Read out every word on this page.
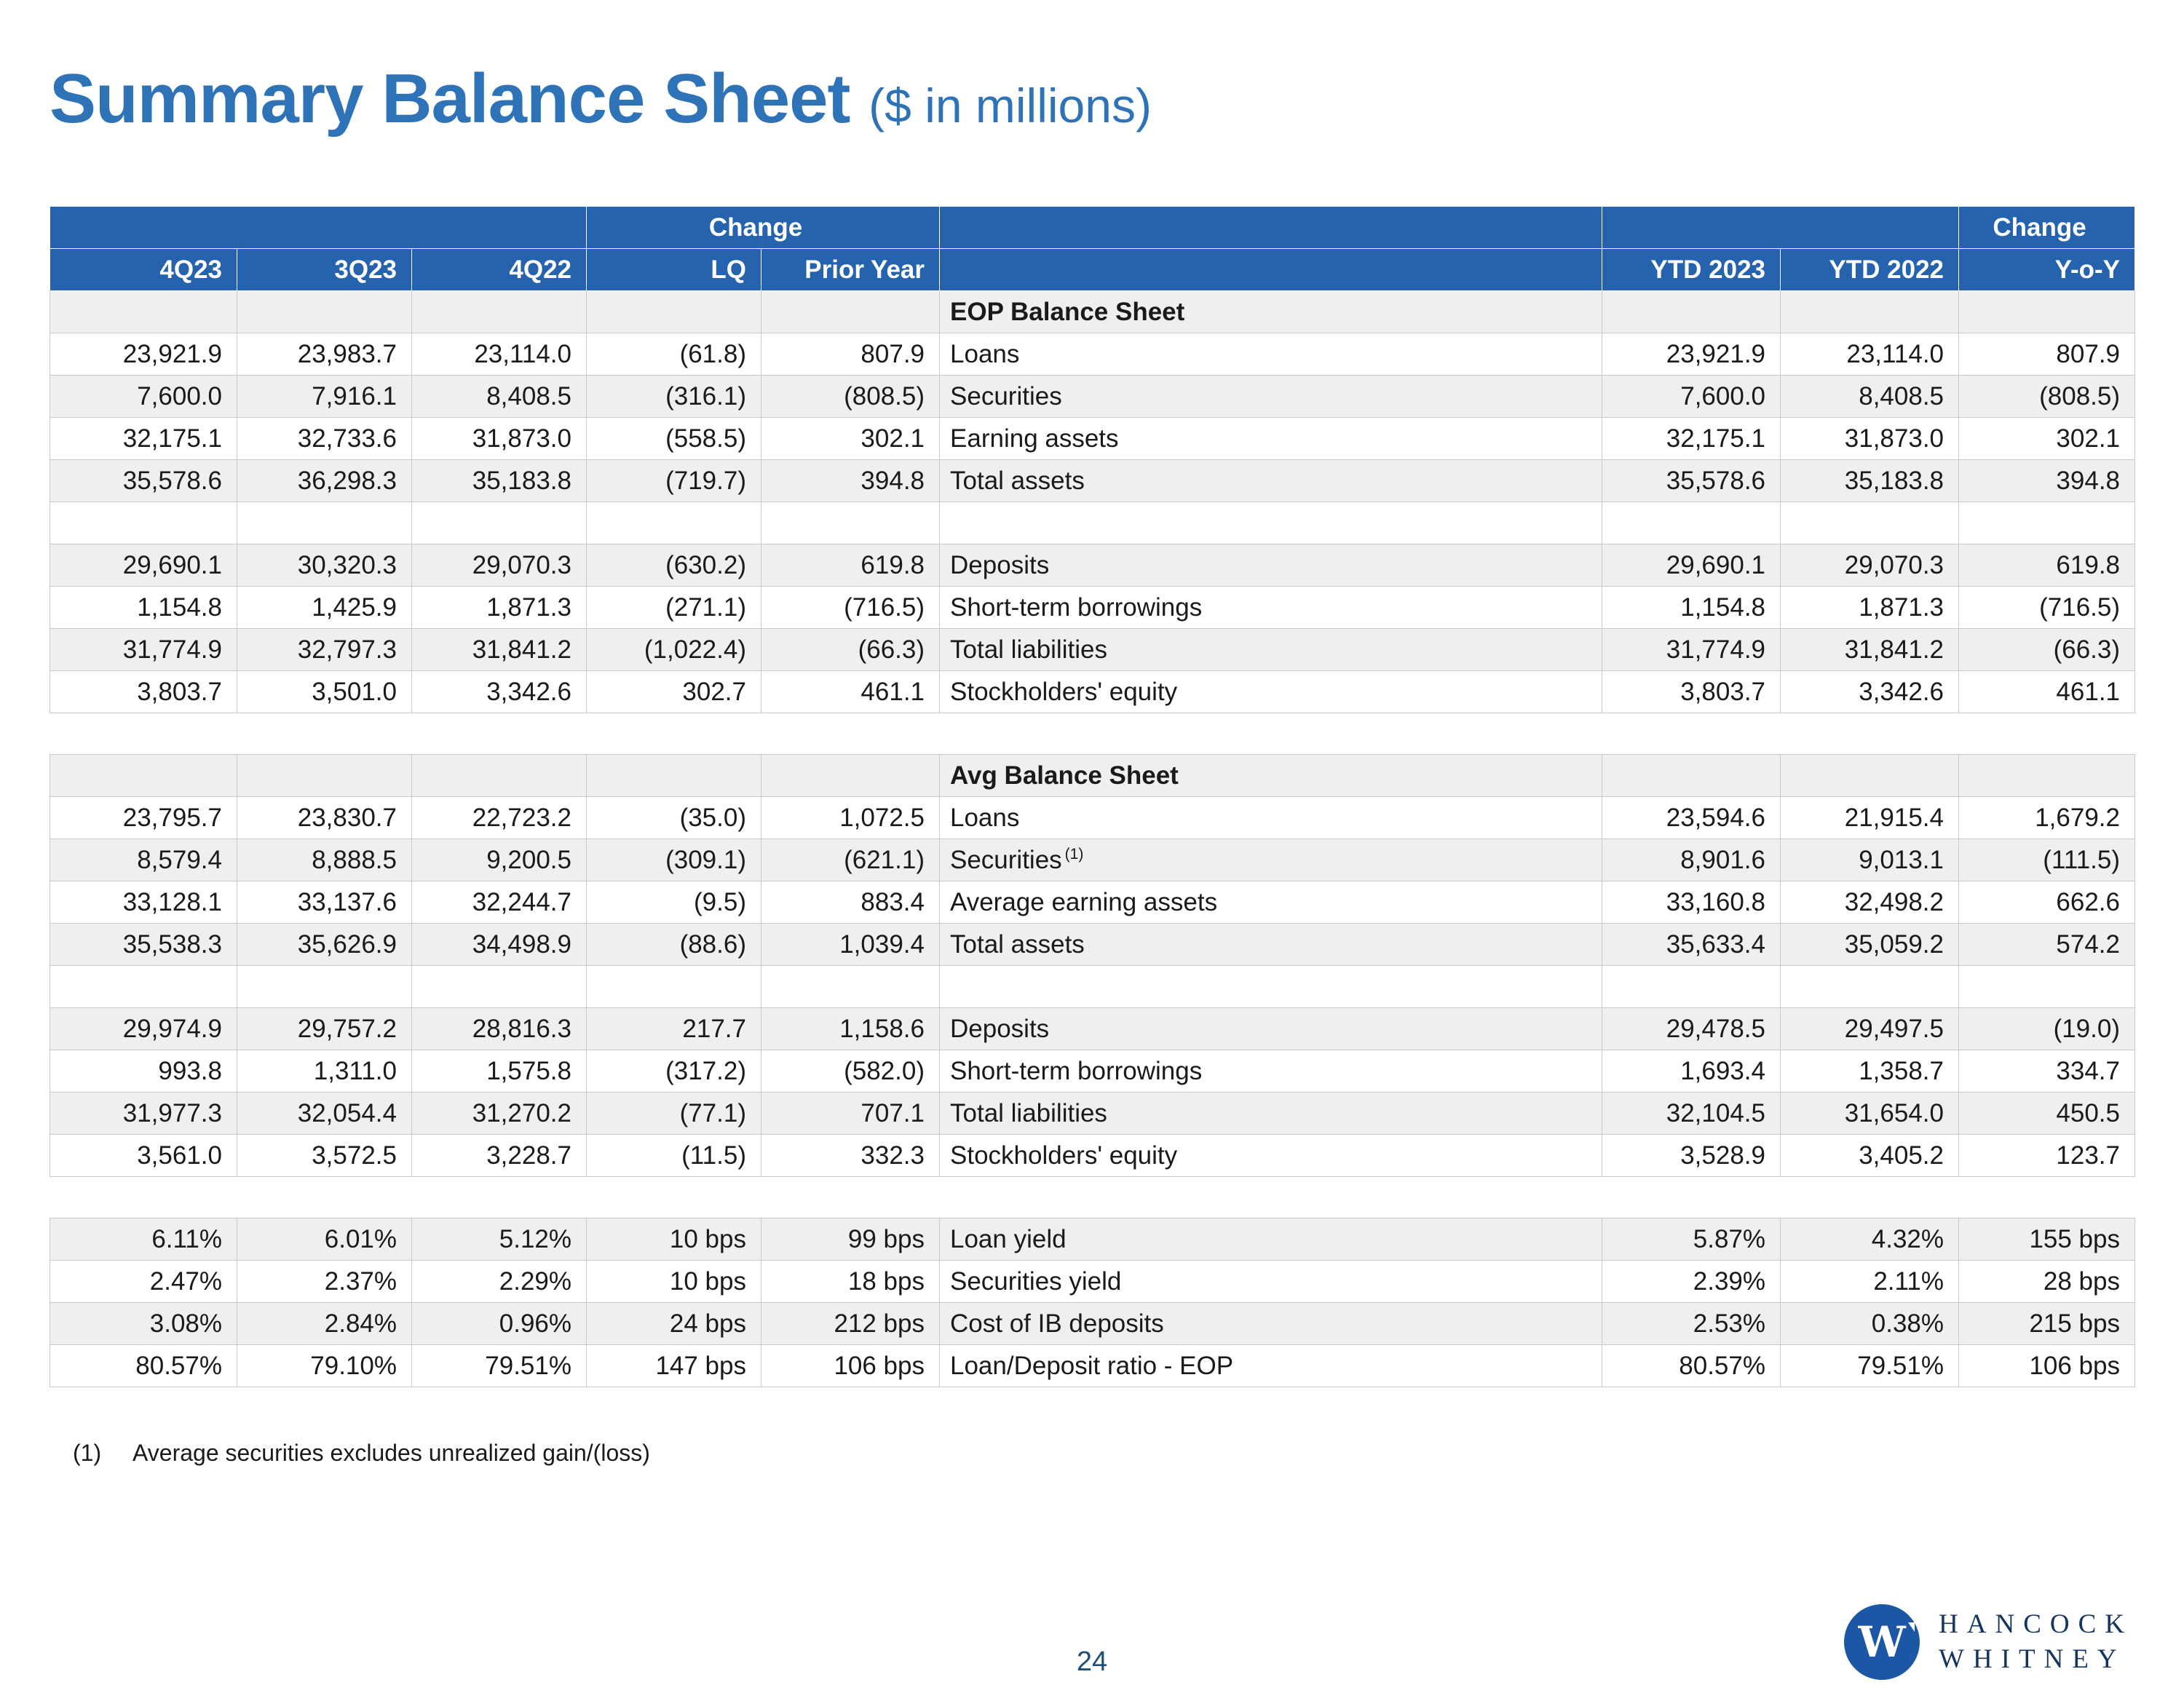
Summary Balance Sheet ($ in millions)
			Change					Change
4Q23	3Q23	4Q22	LQ	Prior Year		YTD 2023	YTD 2022	Y-o-Y
					EOP Balance Sheet			
23,921.9	23,983.7	23,114.0	(61.8)	807.9	Loans	23,921.9	23,114.0	807.9
7,600.0	7,916.1	8,408.5	(316.1)	(808.5)	Securities	7,600.0	8,408.5	(808.5)
32,175.1	32,733.6	31,873.0	(558.5)	302.1	Earning assets	32,175.1	31,873.0	302.1
35,578.6	36,298.3	35,183.8	(719.7)	394.8	Total assets	35,578.6	35,183.8	394.8

29,690.1	30,320.3	29,070.3	(630.2)	619.8	Deposits	29,690.1	29,070.3	619.8
1,154.8	1,425.9	1,871.3	(271.1)	(716.5)	Short-term borrowings	1,154.8	1,871.3	(716.5)
31,774.9	32,797.3	31,841.2	(1,022.4)	(66.3)	Total liabilities	31,774.9	31,841.2	(66.3)
3,803.7	3,501.0	3,342.6	302.7	461.1	Stockholders' equity	3,803.7	3,342.6	461.1
					Avg Balance Sheet			
23,795.7	23,830.7	22,723.2	(35.0)	1,072.5	Loans	23,594.6	21,915.4	1,679.2
8,579.4	8,888.5	9,200.5	(309.1)	(621.1)	Securities $^{(1)}$	8,901.6	9,013.1	(111.5)
33,128.1	33,137.6	32,244.7	(9.5)	883.4	Average earning assets	33,160.8	32,498.2	662.6
35,538.3	35,626.9	34,498.9	(88.6)	1,039.4	Total assets	35,633.4	35,059.2	574.2

29,974.9	29,757.2	28,816.3	217.7	1,158.6	Deposits	29,478.5	29,497.5	(19.0)
993.8	1,311.0	1,575.8	(317.2)	(582.0)	Short-term borrowings	1,693.4	1,358.7	334.7
31,977.3	32,054.4	31,270.2	(77.1)	707.1	Total liabilities	32,104.5	31,654.0	450.5
3,561.0	3,572.5	3,228.7	(11.5)	332.3	Stockholders' equity	3,528.9	3,405.2	123.7
6.11%	6.01%	5.12%	10 bps	99 bps	Loan yield	5.87%	4.32%	155 bps
2.47%	2.37%	2.29%	10 bps	18 bps	Securities yield	2.39%	2.11%	28 bps
3.08%	2.84%	0.96%	24 bps	212 bps	Cost of IB deposits	2.53%	0.38%	215 bps
80.57%	79.10%	79.51%	147 bps	106 bps	Loan/Deposit ratio - EOP	80.57%	79.51%	106 bps
(1) Average securities excludes unrealized gain/(loss)
24	W HANCOCK
WHITNEY
